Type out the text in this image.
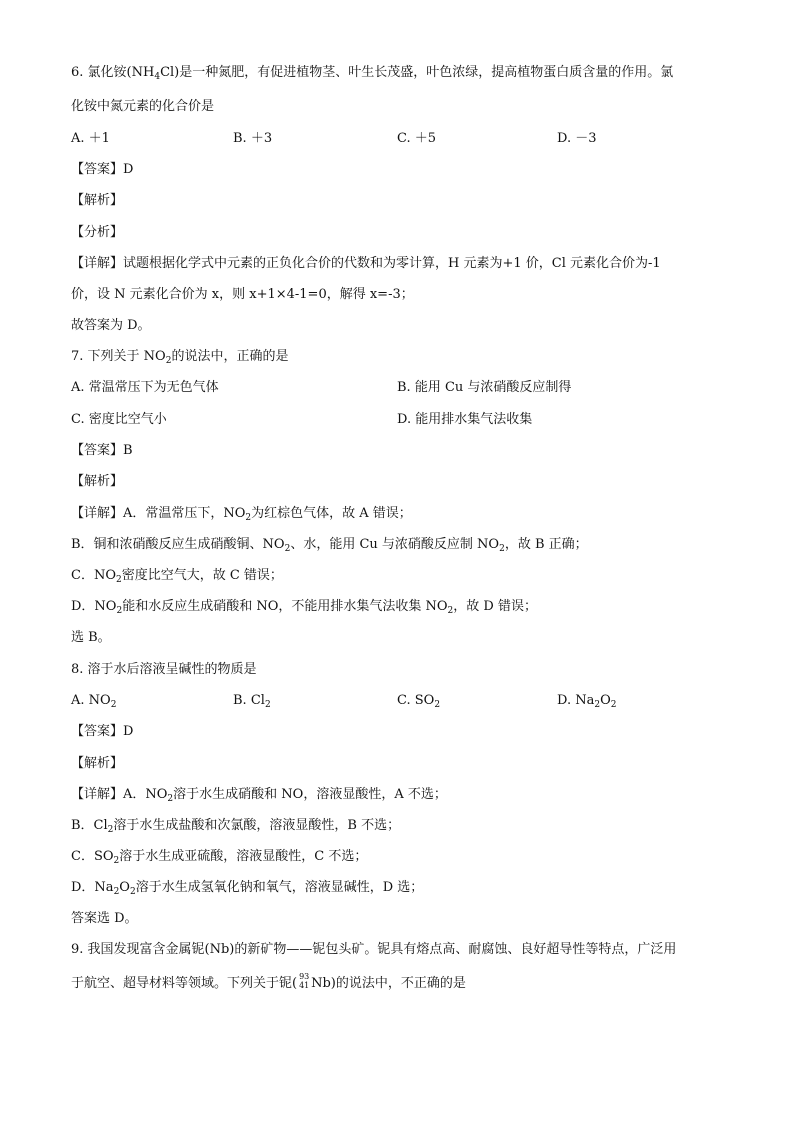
6. 氯化铵$(NH_4Cl)$是一种氮肥，有促进植物茎、叶生长茂盛，叶色浓绿，提高植物蛋白质含量的作用。氯
化铵中氮元素的化合价是
A. ＋1	B. ＋3	C. ＋5	D. －3
【答案】D
【解析】
【分析】
【详解】试题根据化学式中元素的正负化合价的代数和为零计算，H 元素为+1 价，Cl 元素化合价为-1
价，设 N 元素化合价为 x，则 x+1×4-1=0，解得 x=-3；
故答案为 D。
7. 下列关于 $NO_2$的说法中，正确的是
A. 常温常压下为无色气体	B. 能用 Cu 与浓硝酸反应制得
C. 密度比空气小	D. 能用排水集气法收集
【答案】B
【解析】
【详解】A．常温常压下，$NO_2$为红棕色气体，故 A 错误；
B．铜和浓硝酸反应生成硝酸铜、$NO_2$、水，能用 Cu 与浓硝酸反应制 $NO_2$，故 B 正确；
C．$NO_2$密度比空气大，故 C 错误；
D．$NO_2$能和水反应生成硝酸和 NO，不能用排水集气法收集 $NO_2$，故 D 错误；
选 B。
8. 溶于水后溶液呈碱性的物质是
A. $NO_2$	B. $Cl_2$	C. $SO_2$	D. $Na_2O_2$
【答案】D
【解析】
【详解】A．$NO_2$溶于水生成硝酸和 NO，溶液显酸性，A 不选；
B．$Cl_2$溶于水生成盐酸和次氯酸，溶液显酸性，B 不选；
C．$SO_2$溶于水生成亚硫酸，溶液显酸性，C 不选；
D．$Na_2O_2$溶于水生成氢氧化钠和氧气，溶液显碱性，D 选；
答案选 D。
9. 我国发现富含金属铌(Nb)的新矿物——铌包头矿。铌具有熔点高、耐腐蚀、良好超导性等特点，广泛用
于航空、超导材料等领域。下列关于铌( 93
41 Nb)的说法中，不正确的是
